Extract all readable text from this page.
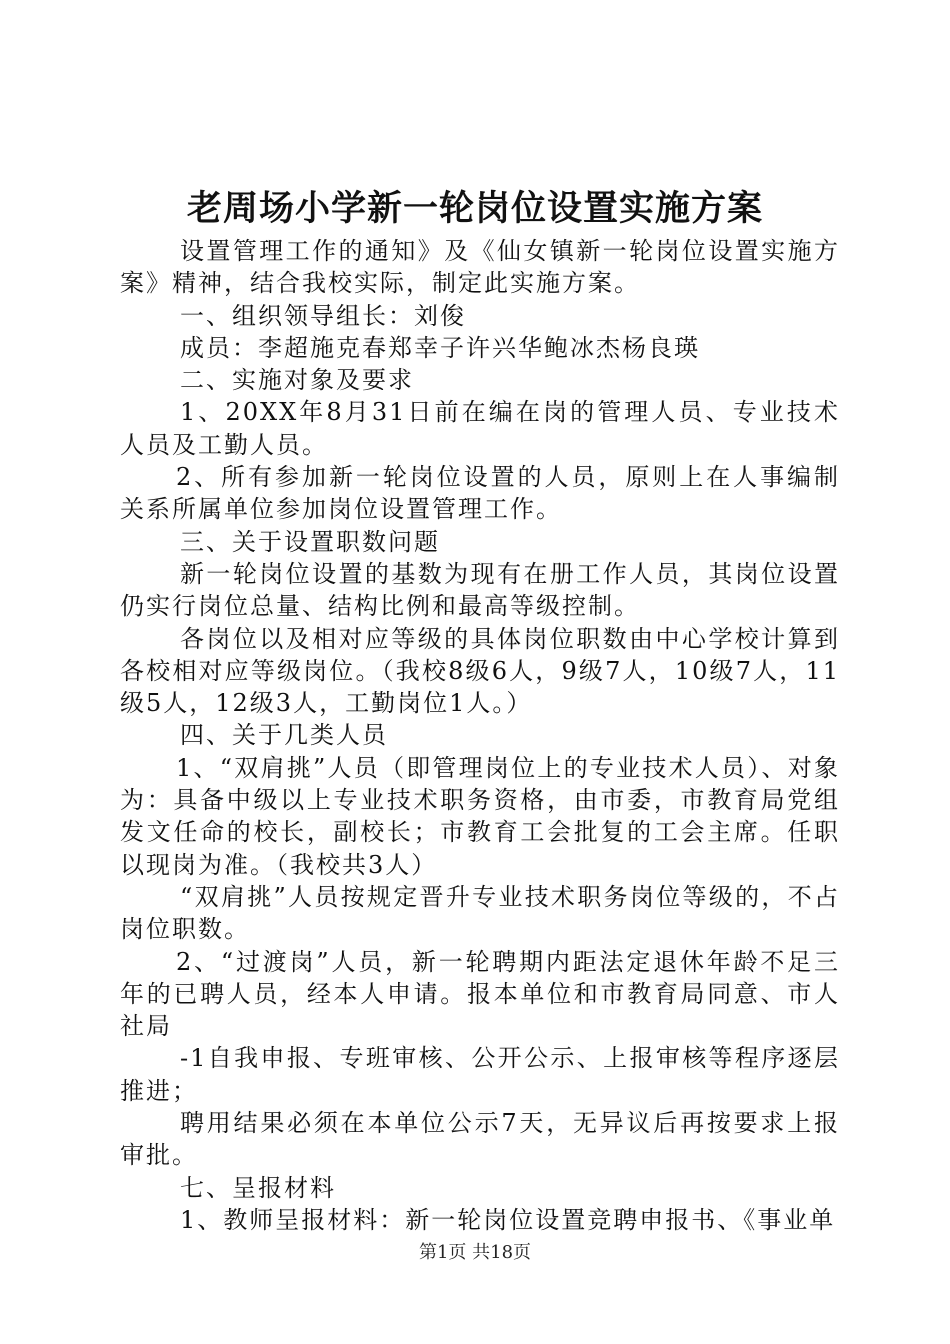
老周场小学新一轮岗位设置实施方案

设置管理工作的通知》及《仙女镇新一轮岗位设置实施方案》精神，结合我校实际，制定此实施方案。

一、组织领导组长：刘俊

成员：李超施克春郑幸子许兴华鲍冰杰杨良瑛

二、实施对象及要求

1、20XX年8月31日前在编在岗的管理人员、专业技术人员及工勤人员。

2、所有参加新一轮岗位设置的人员，原则上在人事编制关系所属单位参加岗位设置管理工作。

三、关于设置职数问题

新一轮岗位设置的基数为现有在册工作人员，其岗位设置仍实行岗位总量、结构比例和最高等级控制。

各岗位以及相对应等级的具体岗位职数由中心学校计算到各校相对应等级岗位。（我校8级6人，9级7人，10级7人，11级5人，12级3人，工勤岗位1人。）

四、关于几类人员

1、“双肩挑”人员（即管理岗位上的专业技术人员）、对象为：具备中级以上专业技术职务资格，由市委，市教育局党组发文任命的校长，副校长；市教育工会批复的工会主席。任职以现岗为准。（我校共3人）

“双肩挑”人员按规定晋升专业技术职务岗位等级的，不占岗位职数。

2、“过渡岗”人员，新一轮聘期内距法定退休年龄不足三年的已聘人员，经本人申请。报本单位和市教育局同意、市人社局

-1自我申报、专班审核、公开公示、上报审核等程序逐层推进；

聘用结果必须在本单位公示7天，无异议后再按要求上报审批。

七、呈报材料

1、教师呈报材料：新一轮岗位设置竞聘申报书、《事业单

第1页 共18页
